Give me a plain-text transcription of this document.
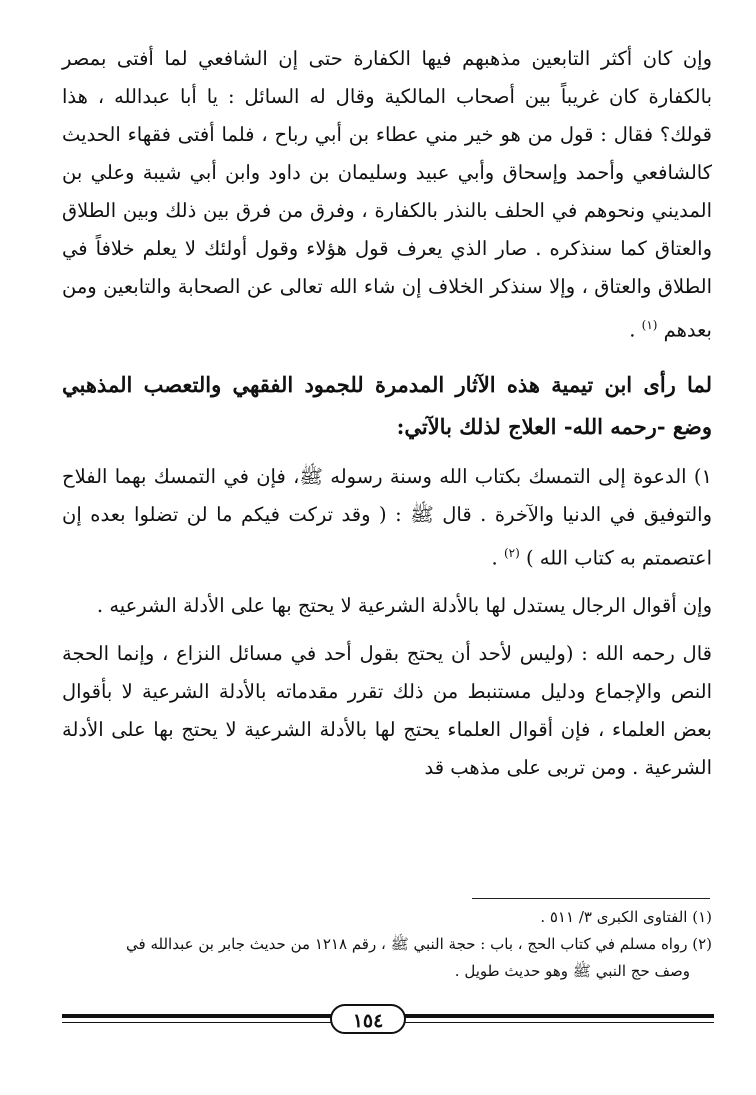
وإن كان أكثر التابعين مذهبهم فيها الكفارة حتى إن الشافعي لما أفتى بمصر بالكفارة كان غريباً بين أصحاب المالكية وقال له السائل : يا أبا عبدالله ، هذا قولك؟ فقال : قول من هو خير مني عطاء بن أبي رباح ، فلما أفتى فقهاء الحديث كالشافعي وأحمد وإسحاق وأبي عبيد وسليمان بن داود وابن أبي شيبة وعلي بن المديني ونحوهم في الحلف بالنذر بالكفارة ، وفرق من فرق بين ذلك وبين الطلاق والعتاق كما سنذكره . صار الذي يعرف قول هؤلاء وقول أولئك لا يعلم خلافاً في الطلاق والعتاق ، وإلا سنذكر الخلاف إن شاء الله تعالى عن الصحابة والتابعين ومن بعدهم $^{(١)}$ .

لما رأى ابن تيمية هذه الآثار المدمرة للجمود الفقهي والتعصب المذهبي وضع -رحمه الله- العلاج لذلك بالآتي:

١) الدعوة إلى التمسك بكتاب الله وسنة رسوله ﷺ، فإن في التمسك بهما الفلاح والتوفيق في الدنيا والآخرة . قال ﷺ : ( وقد تركت فيكم ما لن تضلوا بعده إن اعتصمتم به كتاب الله ) $^{(٢)}$ .

وإن أقوال الرجال يستدل لها بالأدلة الشرعية لا يحتج بها على الأدلة الشرعيه .

قال رحمه الله : (وليس لأحد أن يحتج بقول أحد في مسائل النزاع ، وإنما الحجة النص والإجماع ودليل مستنبط من ذلك تقرر مقدماته بالأدلة الشرعية لا بأقوال بعض العلماء ، فإن أقوال العلماء يحتج لها بالأدلة الشرعية لا يحتج بها على الأدلة الشرعية . ومن تربى على مذهب قد

(١) الفتاوى الكبرى ٣/ ٥١١ .

(٢) رواه مسلم في كتاب الحج ، باب : حجة النبي ﷺ ، رقم ١٢١٨ من حديث جابر بن عبدالله في
وصف حج النبي ﷺ وهو حديث طويل .

١٥٤
